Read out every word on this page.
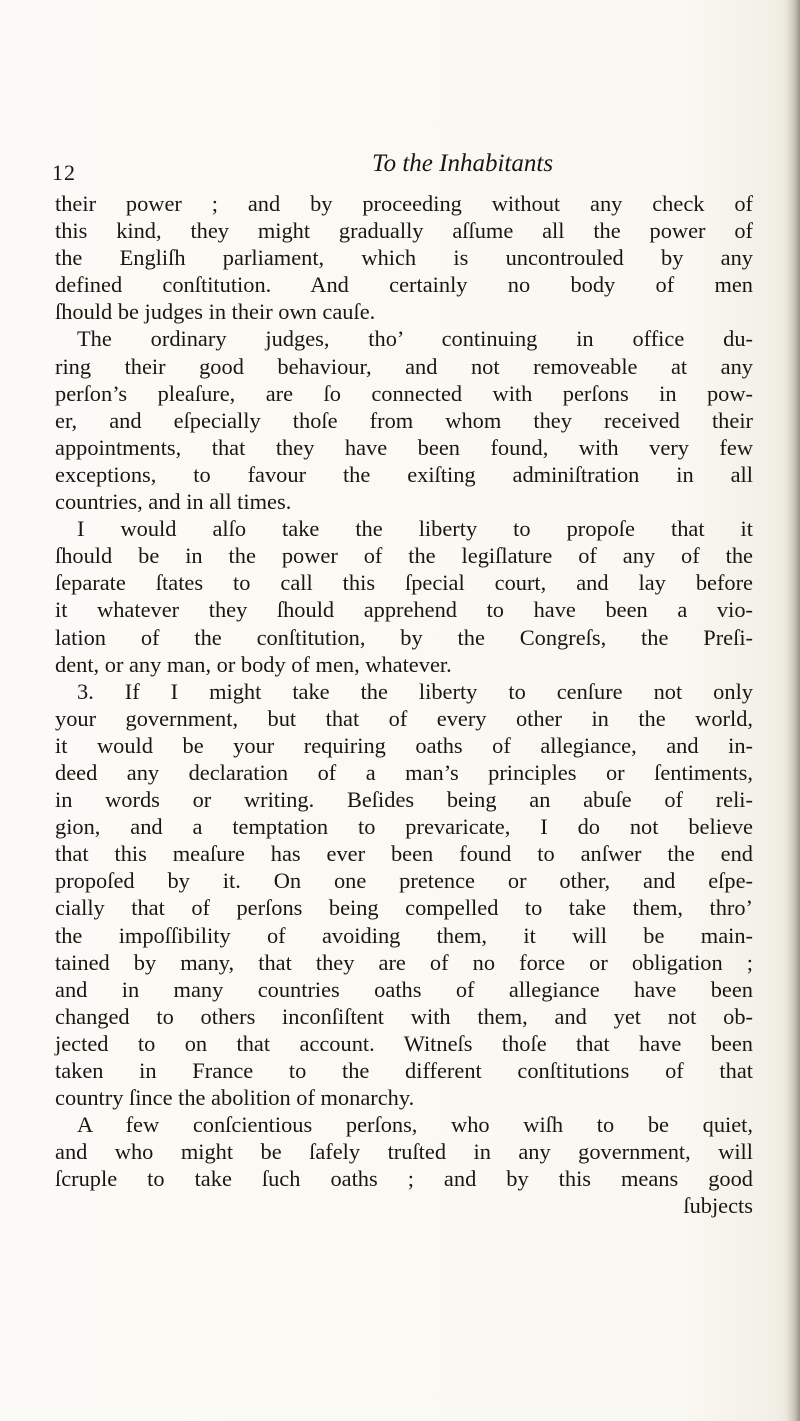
12	To the Inhabitants
their power ; and by proceeding without any check of
this kind, they might gradually aſſume all the power of
the Engliſh parliament, which is uncontrouled by any
defined conſtitution. And certainly no body of men
ſhould be judges in their own cauſe.
The ordinary judges, tho’ continuing in office du-
ring their good behaviour, and not removeable at any
perſon’s pleaſure, are ſo connected with perſons in pow-
er, and eſpecially thoſe from whom they received their
appointments, that they have been found, with very few
exceptions, to favour the exiſting adminiſtration in all
countries, and in all times.
I would alſo take the liberty to propoſe that it
ſhould be in the power of the legiſlature of any of the
ſeparate ſtates to call this ſpecial court, and lay before
it whatever they ſhould apprehend to have been a vio-
lation of the conſtitution, by the Congreſs, the Preſi-
dent, or any man, or body of men, whatever.
3. If I might take the liberty to cenſure not only
your government, but that of every other in the world,
it would be your requiring oaths of allegiance, and in-
deed any declaration of a man’s principles or ſentiments,
in words or writing. Beſides being an abuſe of reli-
gion, and a temptation to prevaricate, I do not believe
that this meaſure has ever been found to anſwer the end
propoſed by it. On one pretence or other, and eſpe-
cially that of perſons being compelled to take them, thro’
the impoſſibility of avoiding them, it will be main-
tained by many, that they are of no force or obligation ;
and in many countries oaths of allegiance have been
changed to others inconſiſtent with them, and yet not ob-
jected to on that account. Witneſs thoſe that have been
taken in France to the different conſtitutions of that
country ſince the abolition of monarchy.
A few conſcientious perſons, who wiſh to be quiet,
and who might be ſafely truſted in any government, will
ſcruple to take ſuch oaths ; and by this means good
ſubjects
